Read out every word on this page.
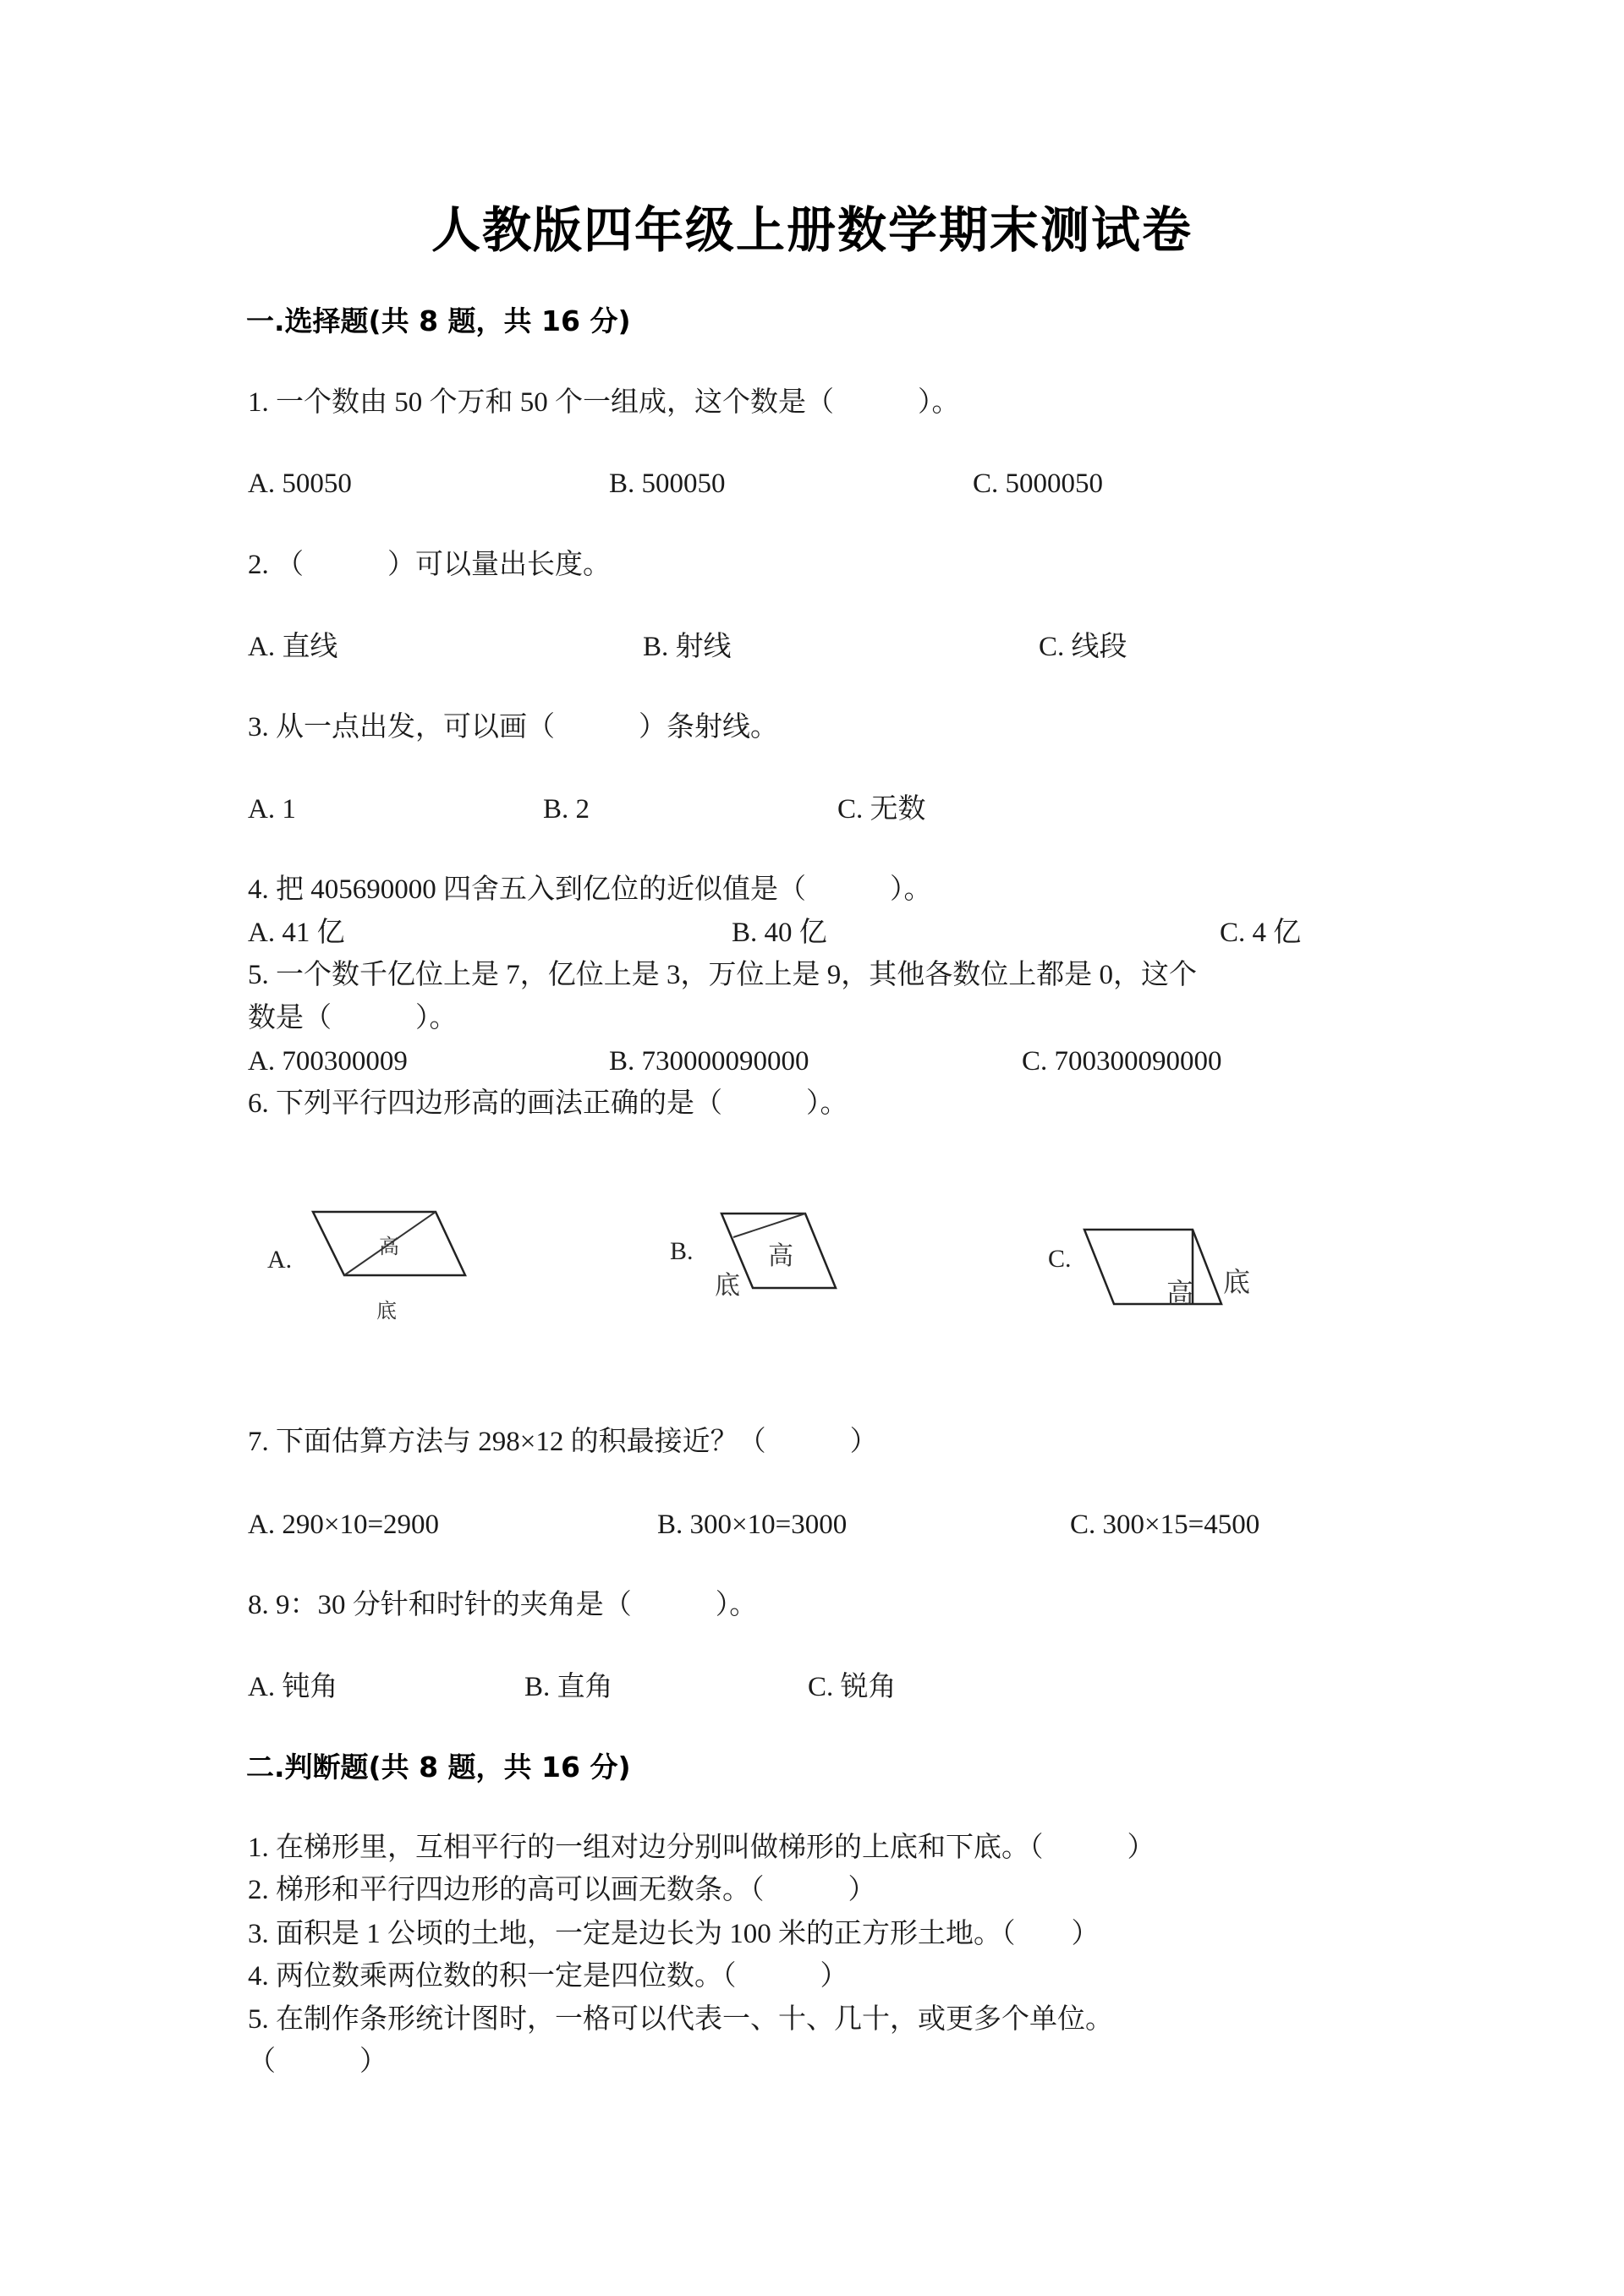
人教版四年级上册数学期末测试卷
一.选择题(共 8 题，共 16 分)
1. 一个数由 50 个万和 50 个一组成，这个数是（　　　）。
A. 50050	B. 500050	C. 5000050
2. （　　　）可以量出长度。
A. 直线	B. 射线	C. 线段
3. 从一点出发，可以画（　　　）条射线。
A. 1	B. 2	C. 无数
4. 把 405690000 四舍五入到亿位的近似值是（　　　）。
A. 41 亿	B. 40 亿	C. 4 亿
5. 一个数千亿位上是 7，亿位上是 3，万位上是 9，其他各数位上都是 0，这个
数是（　　　）。
A. 700300009	B. 730000090000	C. 700300090000
6. 下列平行四边形高的画法正确的是（　　　）。
A.	高
底
B.	高
底
C.
高 底
7. 下面估算方法与 298×12 的积最接近？（　　　）
A. 290×10=2900	B. 300×10=3000	C. 300×15=4500
8. 9：30 分针和时针的夹角是（　　　）。
A. 钝角	B. 直角	C. 锐角
二.判断题(共 8 题，共 16 分)
1. 在梯形里，互相平行的一组对边分别叫做梯形的上底和下底。（　　　）
2. 梯形和平行四边形的高可以画无数条。（　　　）
3. 面积是 1 公顷的土地，一定是边长为 100 米的正方形土地。（　　）
4. 两位数乘两位数的积一定是四位数。（　　　）
5. 在制作条形统计图时，一格可以代表一、十、几十，或更多个单位。
（　　　）
